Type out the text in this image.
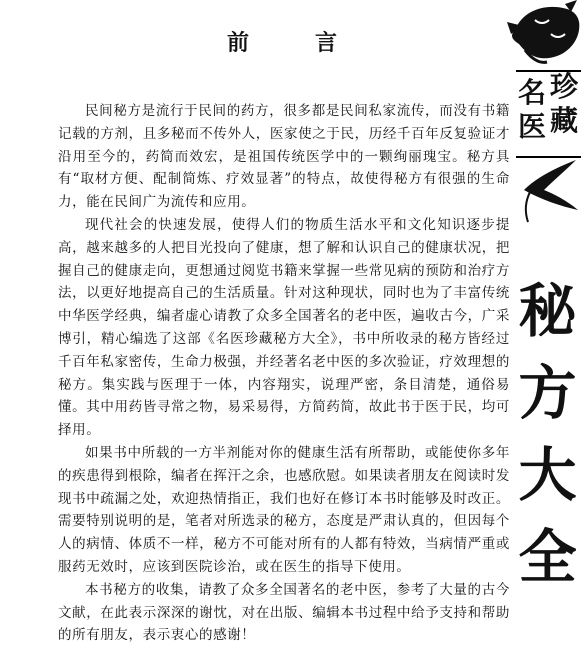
前　言

民间秘方是流行于民间的药方，很多都是民间私家流传，而没有书籍记载的方剂，且多秘而不传外人，医家使之于民，历经千百年反复验证才沿用至今的，药简而效宏，是祖国传统医学中的一颗绚丽瑰宝。秘方具有“取材方便、配制简炼、疗效显著”的特点，故使得秘方有很强的生命力，能在民间广为流传和应用。

现代社会的快速发展，使得人们的物质生活水平和文化知识逐步提高，越来越多的人把目光投向了健康，想了解和认识自己的健康状况，把握自己的健康走向，更想通过阅览书籍来掌握一些常见病的预防和治疗方法，以更好地提高自己的生活质量。针对这种现状，同时也为了丰富传统中华医学经典，编者虚心请教了众多全国著名的老中医，遍收古今，广采博引，精心编选了这部《名医珍藏秘方大全》，书中所收录的秘方皆经过千百年私家密传，生命力极强，并经著名老中医的多次验证，疗效理想的秘方。集实践与医理于一体，内容翔实，说理严密，条目清楚，通俗易懂。其中用药皆寻常之物，易采易得，方简药简，故此书于医于民，均可择用。

如果书中所载的一方半剂能对你的健康生活有所帮助，或能使你多年的疾患得到根除，编者在挥汗之余，也感欣慰。如果读者朋友在阅读时发现书中疏漏之处，欢迎热情指正，我们也好在修订本书时能够及时改正。需要特别说明的是，笔者对所选录的秘方，态度是严肃认真的，但因每个人的病情、体质不一样，秘方不可能对所有的人都有特效，当病情严重或服药无效时，应该到医院诊治，或在医生的指导下使用。

本书秘方的收集，请教了众多全国著名的老中医，参考了大量的古今文献，在此表示深深的谢忱，对在出版、编辑本书过程中给予支持和帮助的所有朋友，表示衷心的感谢！

名 珍
医 藏
秘
方
大
全
